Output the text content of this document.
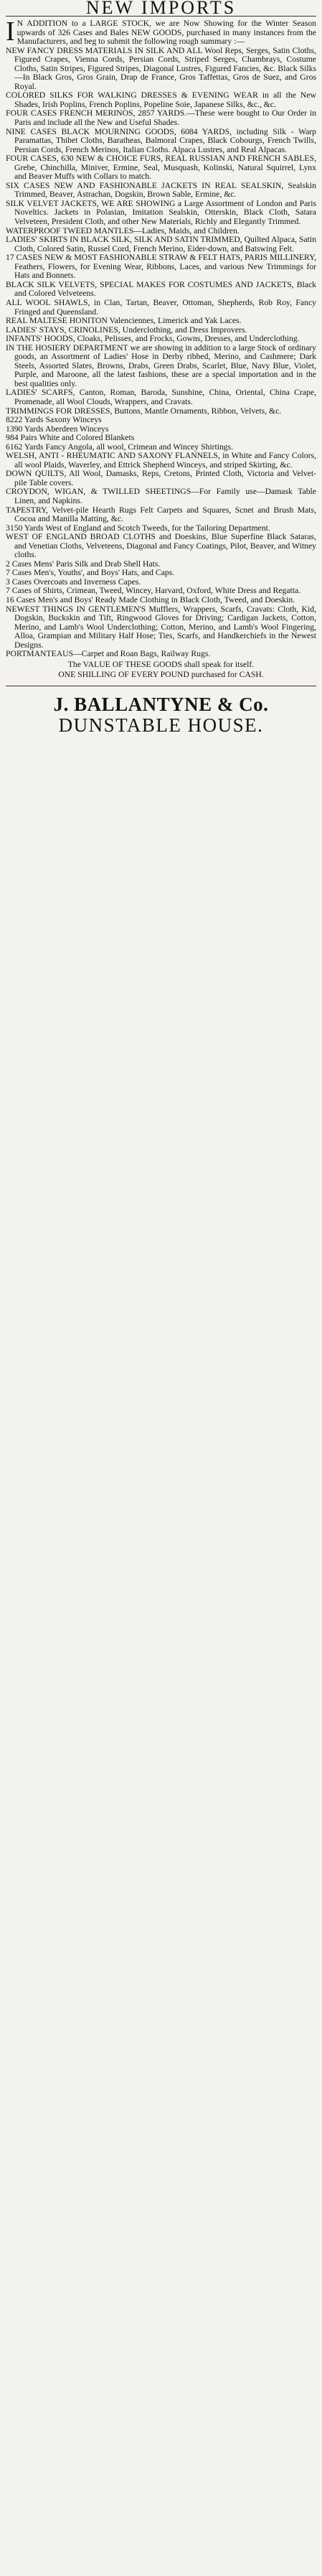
NEW IMPORTS

I N ADDITION to a LARGE STOCK, we are Now Showing for the Winter Season upwards of 326 Cases and Bales NEW GOODS, purchased in many instances from the Manufacturers, and beg to submit the following rough summary :—

NEW FANCY DRESS MATERIALS IN SILK AND ALL Wool Reps, Serges, Satin Cloths, Figured Crapes, Vienna Cords, Persian Cords, Striped Serges, Chambrays, Costume Cloths, Satin Stripes, Figured Stripes, Diagonal Lustres, Figured Fancies, &c. Black Silks—In Black Gros, Gros Grain, Drap de France, Gros Taffettas, Gros de Suez, and Gros Royal.

COLORED SILKS FOR WALKING DRESSES & EVENING WEAR in all the New Shades, Irish Poplins, French Poplins, Popeline Soie, Japanese Silks, &c., &c.

FOUR CASES FRENCH MERINOS, 2857 YARDS.—These were bought to Our Order in Paris and include all the New and Useful Shades.

NINE CASES BLACK MOURNING GOODS, 6084 YARDS, including Silk - Warp Paramattas, Thibet Cloths, Baratheas, Balmoral Crapes, Black Cobourgs, French Twills, Persian Cords, French Merinos, Italian Cloths. Alpaca Lustres, and Real Alpacas.

FOUR CASES, 630 NEW & CHOICE FURS, REAL RUSSIAN AND FRENCH SABLES, Grebe, Chinchilla, Miniver, Ermine, Seal, Musquash, Kolinski, Natural Squirrel, Lynx and Beaver Muffs with Collars to match.

SIX CASES NEW AND FASHIONABLE JACKETS IN REAL SEALSKIN, Sealskin Trimmed, Beaver, Astrachan, Dogskin, Brown Sable, Ermine, &c.

SILK VELVET JACKETS, WE ARE SHOWING a Large Assortment of London and Paris Noveltics. Jackets in Polasian, Imitation Sealskin, Otterskin, Black Cloth, Satara Velveteen, President Cloth, and other New Materials, Richly and Elegantly Trimmed.

WATERPROOF TWEED MANTLES—Ladies, Maids, and Children.

LADIES' SKIRTS IN BLACK SILK, SILK AND SATIN TRIMMED, Quilted Alpaca, Satin Cloth, Colored Satin, Russel Cord, French Merino, Eider-down, and Batswing Felt.

17 CASES NEW & MOST FASHIONABLE STRAW & FELT HATS, PARIS MILLINERY, Feathers, Flowers, for Evening Wear, Ribbons, Laces, and various New Trimmings for Hats and Bonnets.

BLACK SILK VELVETS, SPECIAL MAKES FOR COSTUMES AND JACKETS, Black and Colored Velveteens.

ALL WOOL SHAWLS, in Clan, Tartan, Beaver, Ottoman, Shepherds, Rob Roy, Fancy Fringed and Queensland.

REAL MALTESE HONITON Valenciennes, Limerick and Yak Laces.

LADIES' STAYS, CRINOLINES, Underclothing, and Dress Improvers.

INFANTS' HOODS, Cloaks, Pelisses, and Frocks, Gowns, Dresses, and Underclothing.

IN THE HOSIERY DEPARTMENT we are showing in addition to a large Stock of ordinary goods, an Assortment of Ladies' Hose in Derby ribbed, Merino, and Cashmere; Dark Steels, Assorted Slates, Browns, Drabs, Green Drabs, Scarlet, Blue, Navy Blue, Violet, Purple, and Maroone, all the latest fashions, these are a special importation and in the best qualities only.

LADIES' SCARFS, Canton, Roman, Baroda, Sunshine, China, Oriental, China Crape, Promenade, all Wool Clouds, Wrappers, and Cravats.

TRIMMINGS FOR DRESSES, Buttons, Mantle Ornaments, Ribbon, Velvets, &c.

8222 Yards Saxony Winceys

1390 Yards Aberdeen Winceys

984 Pairs White and Colored Blankets

6162 Yards Fancy Angola, all wool, Crimean and Wincey Shirtings.

WELSH, ANTI - RHEUMATIC AND SAXONY FLANNELS, in White and Fancy Colors, all wool Plaids, Waverley, and Ettrick Shepherd Winceys, and striped Skirting, &c.

DOWN QUILTS, All Wool, Damasks, Reps, Cretons, Printed Cloth, Victoria and Velvet-pile Table covers.

CROYDON, WIGAN, & TWILLED SHEETINGS—For Family use—Damask Table Linen, and Napkins.

TAPESTRY, Velvet-pile Hearth Rugs Felt Carpets and Squares, Scnet and Brush Mats, Cocoa and Manilla Matting, &c.

3150 Yards West of England and Scotch Tweeds, for the Tailoring Department.

WEST OF ENGLAND BROAD CLOTHS and Doeskins, Blue Superfine Black Sataras, and Venetian Cloths, Velveteens, Diagonal and Fancy Coatings, Pilot, Beaver, and Witney cloths.

2 Cases Mens' Paris Silk and Drab Shell Hats.

7 Cases Men's, Youths', and Boys' Hats, and Caps.

3 Cases Overcoats and Inverness Capes.

7 Cases of Shirts, Crimean, Tweed, Wincey, Harvard, Oxford, White Dress and Regatta.

16 Cases Men's and Boys' Ready Made Clothing in Black Cloth, Tweed, and Doeskin.

NEWEST THINGS IN GENTLEMEN'S Mufflers, Wrappers, Scarfs, Cravats: Cloth, Kid, Dogskin, Buckskin and Tift, Ringwood Gloves for Driving; Cardigan Jackets, Cotton, Merino, and Lamb's Wool Underclothing; Cotton, Merino, and Lamb's Wool Fingering, Alloa, Grampian and Military Half Hose; Ties, Scarfs, and Handkerchiefs in the Newest Designs.

PORTMANTEAUS—Carpet and Roan Bags, Railway Rugs.

The VALUE OF THESE GOODS shall speak for itself.
ONE SHILLING OF EVERY POUND purchased for CASH.
J. BALLANTYNE & Co.
DUNSTABLE HOUSE.
